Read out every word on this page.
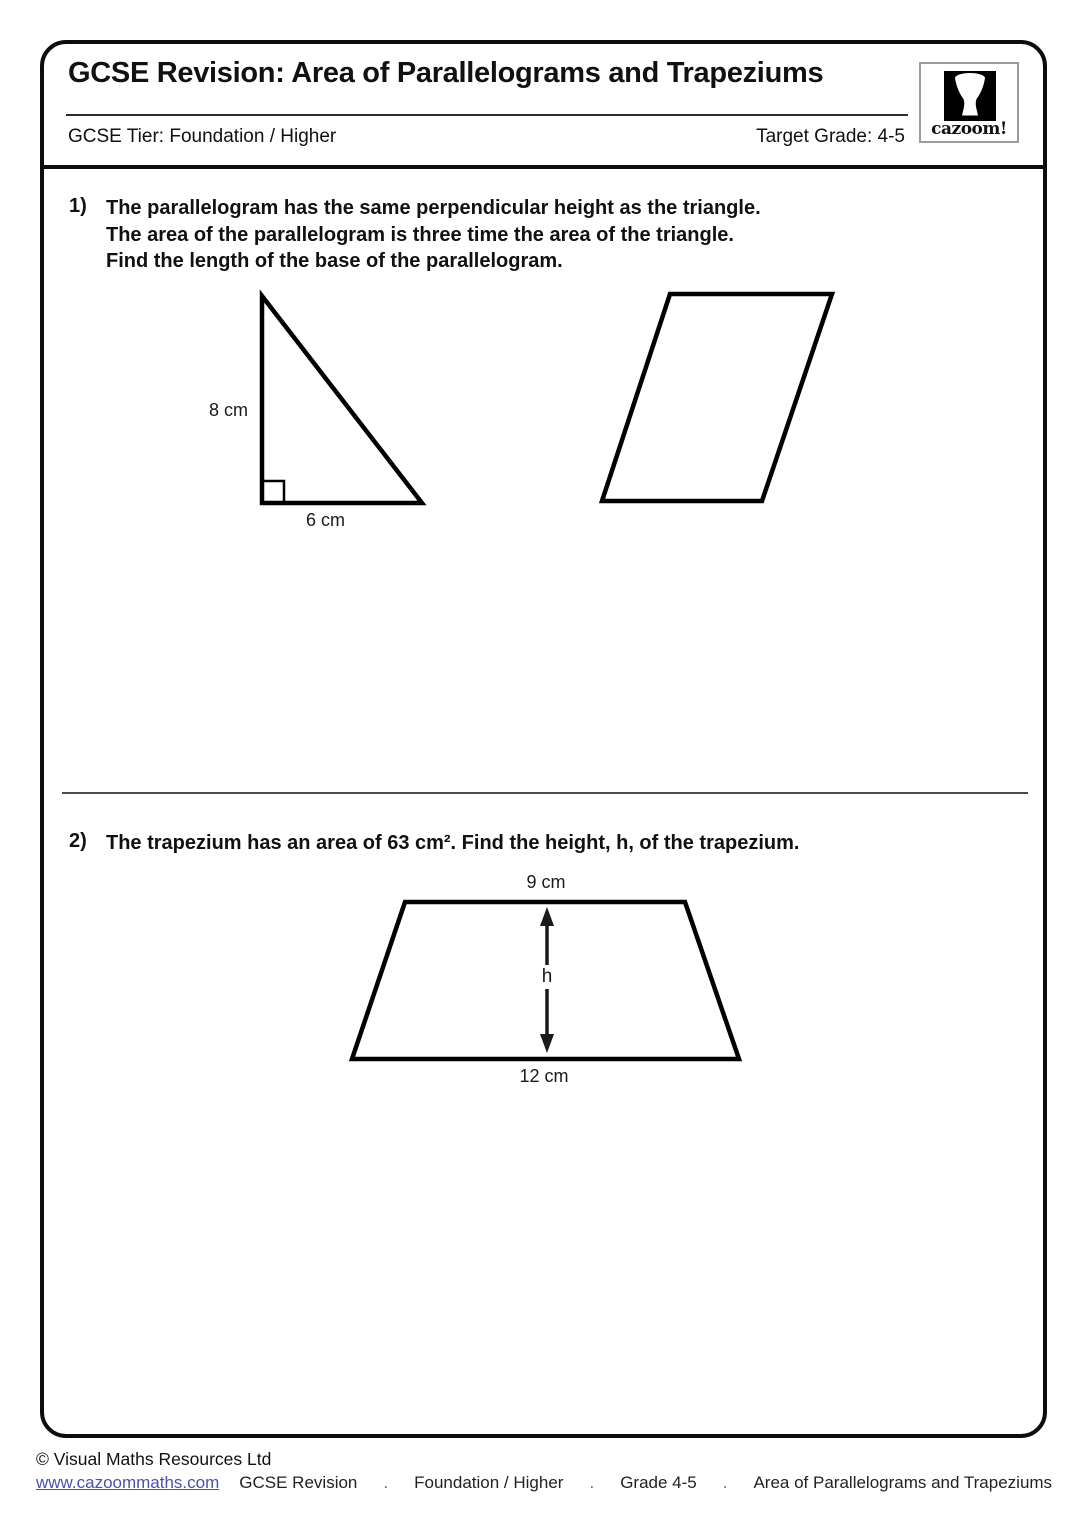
GCSE Revision: Area of Parallelograms and Trapeziums
GCSE Tier: Foundation / Higher	Target Grade: 4-5	cazoom!
1) The parallelogram has the same perpendicular height as the triangle.
The area of the parallelogram is three time the area of the triangle.
Find the length of the base of the parallelogram.
8 cm
6 cm
2) The trapezium has an area of 63 cm². Find the height, h, of the trapezium.
9 cm
h
12 cm
© Visual Maths Resources Ltd
www.cazoommaths.com GCSE Revision	.	Foundation / Higher	.	Grade 4-5	.	Area of Parallelograms and Trapeziums
